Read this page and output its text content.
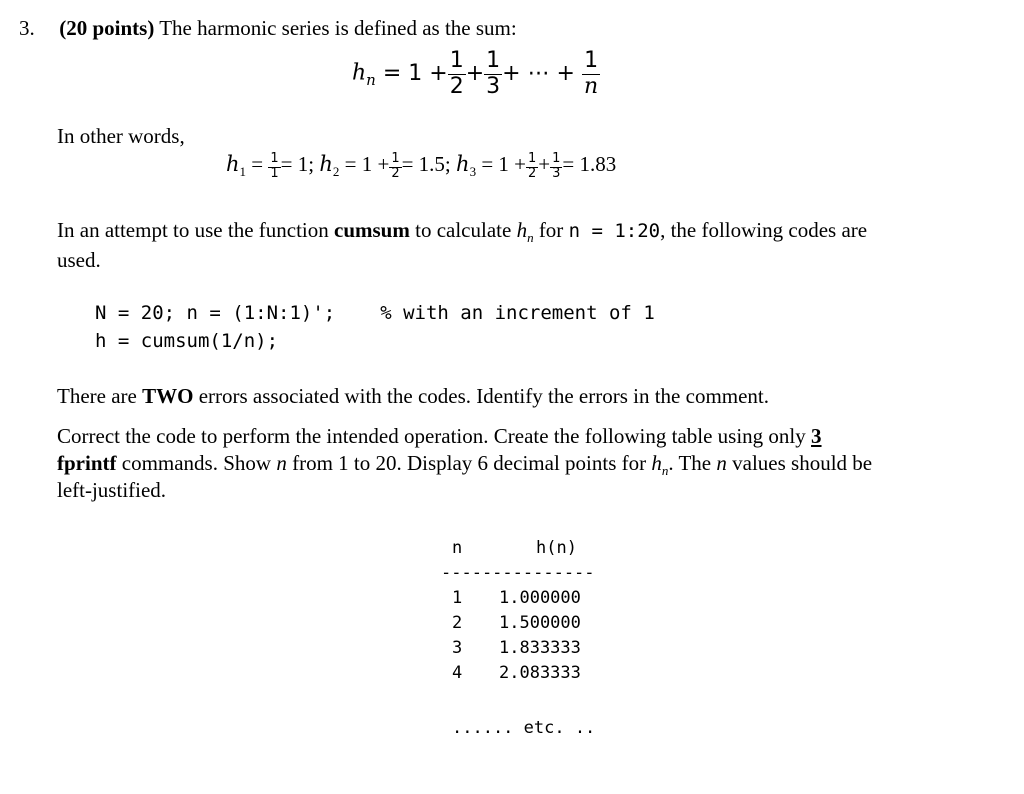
3. (20 points) The harmonic series is defined as the sum:
$h_n = 1 + \frac{1}{2} + \frac{1}{3}$ + ⋯ + $\frac{1}{n}$
In other words,
$h_1 = \frac{1}{1} = 1$; $h_2 = 1 + \frac{1}{2} = 1.5$; $h_3 = 1 + \frac{1}{2} + \frac{1}{3} = 1.83$
In an attempt to use the function cumsum to calculate $h_n$ for n = 1:20, the following codes are
used.
N = 20; n = (1:N:1)'; % with an increment of 1
h = cumsum(1/n);
There are TWO errors associated with the codes. Identify the errors in the comment.
Correct the code to perform the intended operation. Create the following table using only 3
fprintf commands. Show n from 1 to 20. Display 6 decimal points for $h_n$. The n values should be
left-justified.
n	h(n)
---------------
1 1.000000
2 1.500000
3 1.833333
4 2.083333
...... etc. ..
